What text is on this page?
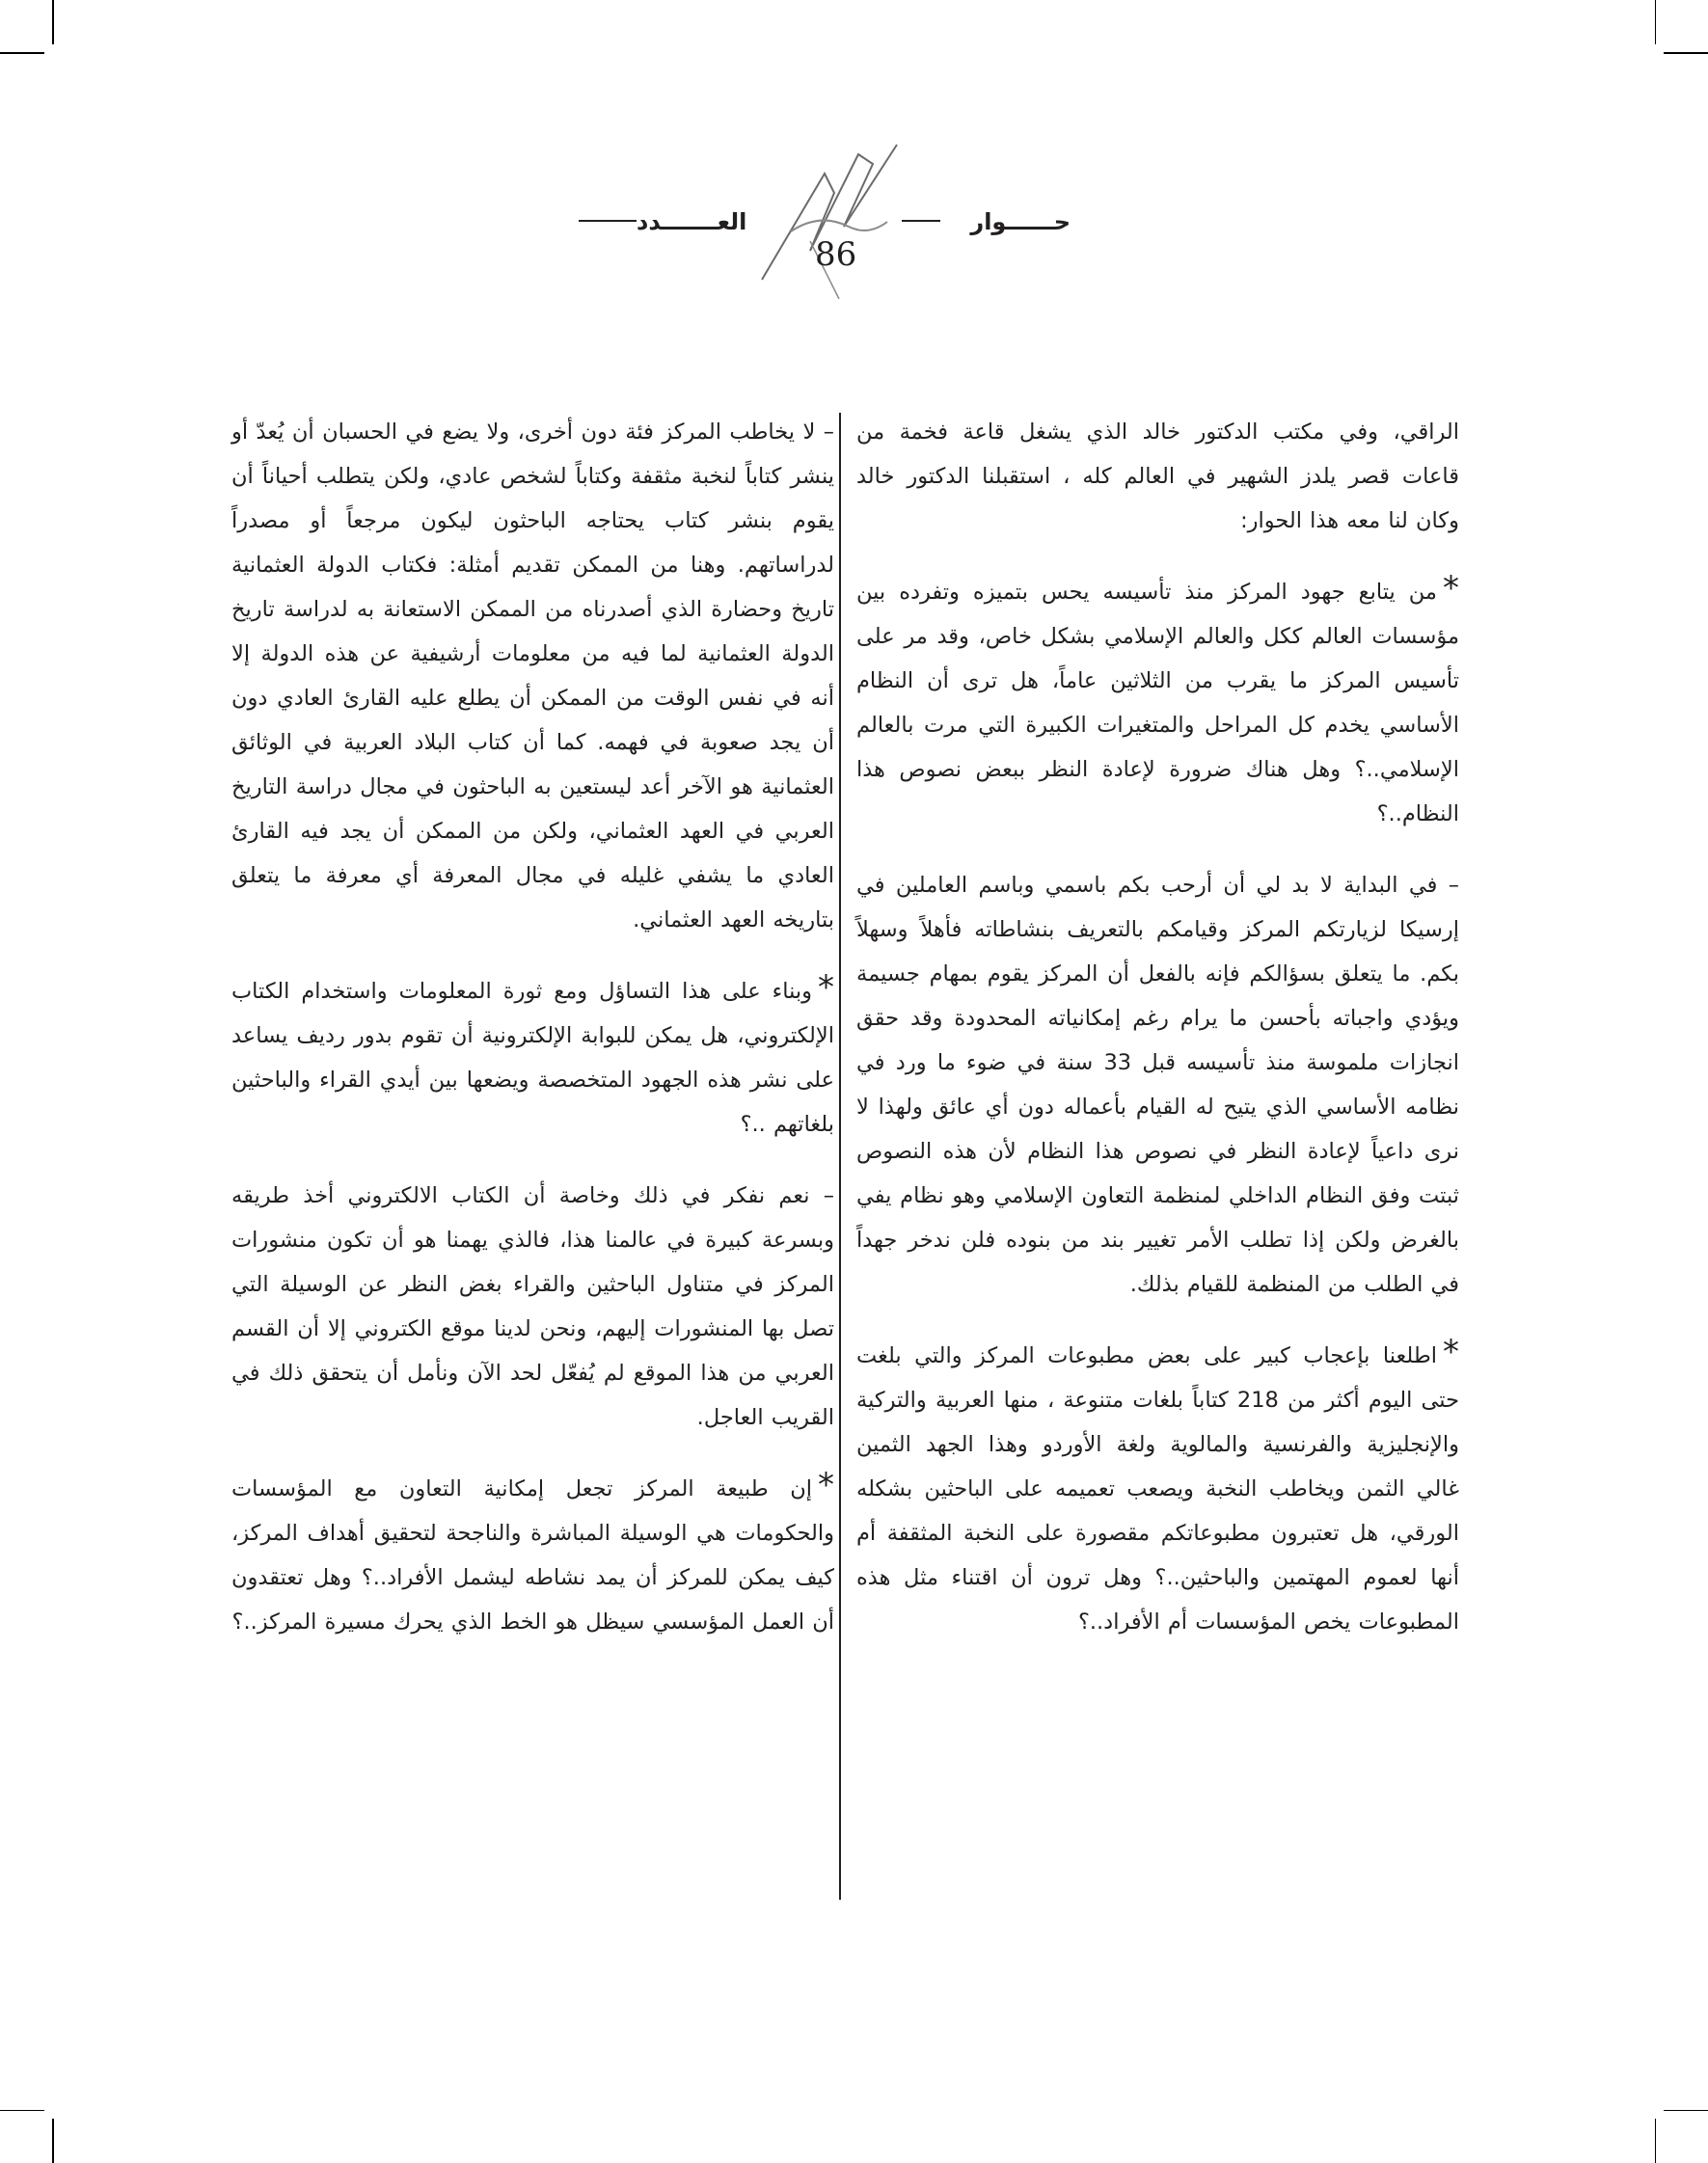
العـــــــدد	حــــــوار
86

الراقي، وفي مكتب الدكتور خالد الذي يشغل قاعة فخمة من قاعات قصر يلدز الشهير في العالم كله ، استقبلنا الدكتور خالد وكان لنا معه هذا الحوار:

* من يتابع جهود المركز منذ تأسيسه يحس بتميزه وتفرده بين مؤسسات العالم ككل والعالم الإسلامي بشكل خاص، وقد مر على تأسيس المركز ما يقرب من الثلاثين عاماً، هل ترى أن النظام الأساسي يخدم كل المراحل والمتغيرات الكبيرة التي مرت بالعالم الإسلامي..؟ وهل هناك ضرورة لإعادة النظر ببعض نصوص هذا النظام..؟

– في البداية لا بد لي أن أرحب بكم باسمي وباسم العاملين في إرسيكا لزيارتكم المركز وقيامكم بالتعريف بنشاطاته فأهلاً وسهلاً بكم. ما يتعلق بسؤالكم فإنه بالفعل أن المركز يقوم بمهام جسيمة ويؤدي واجباته بأحسن ما يرام رغم إمكانياته المحدودة وقد حقق انجازات ملموسة منذ تأسيسه قبل 33 سنة في ضوء ما ورد في نظامه الأساسي الذي يتيح له القيام بأعماله دون أي عائق ولهذا لا نرى داعياً لإعادة النظر في نصوص هذا النظام لأن هذه النصوص ثبتت وفق النظام الداخلي لمنظمة التعاون الإسلامي وهو نظام يفي بالغرض ولكن إذا تطلب الأمر تغيير بند من بنوده فلن ندخر جهداً في الطلب من المنظمة للقيام بذلك.

* اطلعنا بإعجاب كبير على بعض مطبوعات المركز والتي بلغت حتى اليوم أكثر من 218 كتاباً بلغات متنوعة ، منها العربية والتركية والإنجليزية والفرنسية والمالوية ولغة الأوردو وهذا الجهد الثمين غالي الثمن ويخاطب النخبة ويصعب تعميمه على الباحثين بشكله الورقي، هل تعتبرون مطبوعاتكم مقصورة على النخبة المثقفة أم أنها لعموم المهتمين والباحثين..؟ وهل ترون أن اقتناء مثل هذه المطبوعات يخص المؤسسات أم الأفراد..؟

– لا يخاطب المركز فئة دون أخرى، ولا يضع في الحسبان أن يُعدّ أو ينشر كتاباً لنخبة مثقفة وكتاباً لشخص عادي، ولكن يتطلب أحياناً أن يقوم بنشر كتاب يحتاجه الباحثون ليكون مرجعاً أو مصدراً لدراساتهم. وهنا من الممكن تقديم أمثلة: فكتاب الدولة العثمانية تاريخ وحضارة الذي أصدرناه من الممكن الاستعانة به لدراسة تاريخ الدولة العثمانية لما فيه من معلومات أرشيفية عن هذه الدولة إلا أنه في نفس الوقت من الممكن أن يطلع عليه القارئ العادي دون أن يجد صعوبة في فهمه. كما أن كتاب البلاد العربية في الوثائق العثمانية هو الآخر أعد ليستعين به الباحثون في مجال دراسة التاريخ العربي في العهد العثماني، ولكن من الممكن أن يجد فيه القارئ العادي ما يشفي غليله في مجال المعرفة أي معرفة ما يتعلق بتاريخه العهد العثماني.

* وبناء على هذا التساؤل ومع ثورة المعلومات واستخدام الكتاب الإلكتروني، هل يمكن للبوابة الإلكترونية أن تقوم بدور رديف يساعد على نشر هذه الجهود المتخصصة ويضعها بين أيدي القراء والباحثين بلغاتهم ..؟

– نعم نفكر في ذلك وخاصة أن الكتاب الالكتروني أخذ طريقه وبسرعة كبيرة في عالمنا هذا، فالذي يهمنا هو أن تكون منشورات المركز في متناول الباحثين والقراء بغض النظر عن الوسيلة التي تصل بها المنشورات إليهم، ونحن لدينا موقع الكتروني إلا أن القسم العربي من هذا الموقع لم يُفعّل لحد الآن ونأمل أن يتحقق ذلك في القريب العاجل.

* إن طبيعة المركز تجعل إمكانية التعاون مع المؤسسات والحكومات هي الوسيلة المباشرة والناجحة لتحقيق أهداف المركز، كيف يمكن للمركز أن يمد نشاطه ليشمل الأفراد..؟ وهل تعتقدون أن العمل المؤسسي سيظل هو الخط الذي يحرك مسيرة المركز..؟
